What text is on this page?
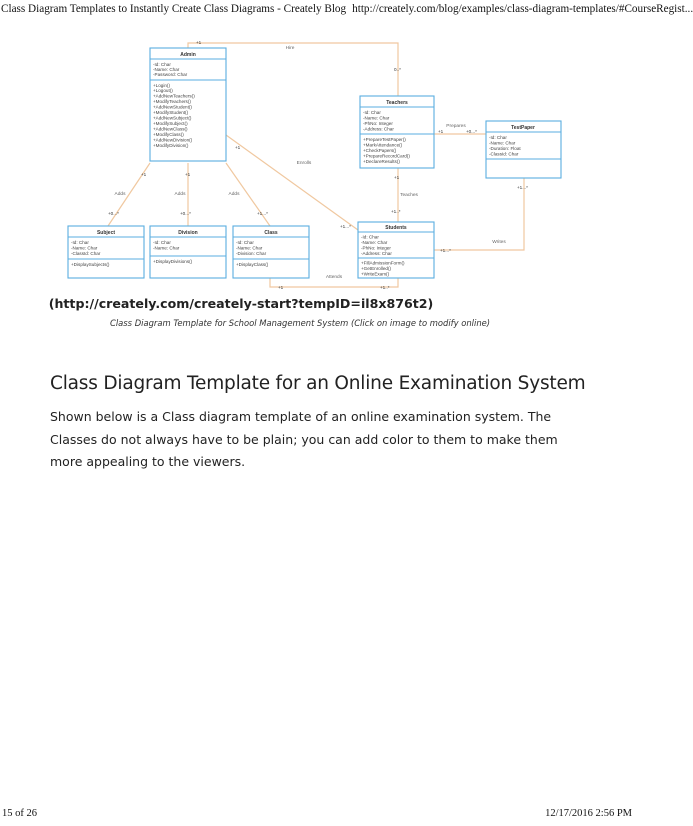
Class Diagram Templates to Instantly Create Class Diagrams - Creately Blog http://creately.com/blog/examples/class-diagram-templates/#CourseRegist...
Admin
-Id: Char
-Name: Char
-Password: Char
+Login()
+Logout()
+AddNewTeachers()
+ModifyTeachers()
+AddNewStudent()
+ModifyStudent()
+AddNewSubject()
+ModifySubject()
+AddNewClass()
+ModifyClass()
+AddNewDivision()
+ModifyDivision()
Teachers
-Id: Char
-Name: Char
-PhNo: Integer
-Address: Char
+PrepareTestPaper()
+MarkAttendance()
+CheckPapers()
+PrepareRecordCard()
+DeclareResults()
TestPaper
-Id: Char
-Name: Char
-Duration: Float
-ClassId: Char
Students
-Id: Char
-Name: Char
-PhNo: Integer
-Address: Char
+FillAdmissionForm()
+GetEnrolled()
+WriteExam()
Subject
-Id: Char
-Name: Char
-ClassId: Char
+DisplaySubjects()
Division
-Id: Char
-Name: Char
+DisplayDivisions()
Class
-Id: Char
-Name: Char
-Division: Char
+DisplayClass()
Hire
Prepares
Enrolls
Teaches
Adds	Adds	Adds
Writes
Attends
+1
0..*
+1	+0...*
+1
+1...*
+1
+1..*
+1
+0...*
+1
+0...*	+1...*
+1...*
+1...*
+1	+1..*
(http://creately.com/creately-start?tempID=il8x876t2)
Class Diagram Template for School Management System (Click on image to modify online)
Class Diagram Template for an Online Examination System

Shown below is a Class diagram template of an online examination system. The Classes do not always have to be plain; you can add color to them to make them more appealing to the viewers.

15 of 26	12/17/2016 2:56 PM
